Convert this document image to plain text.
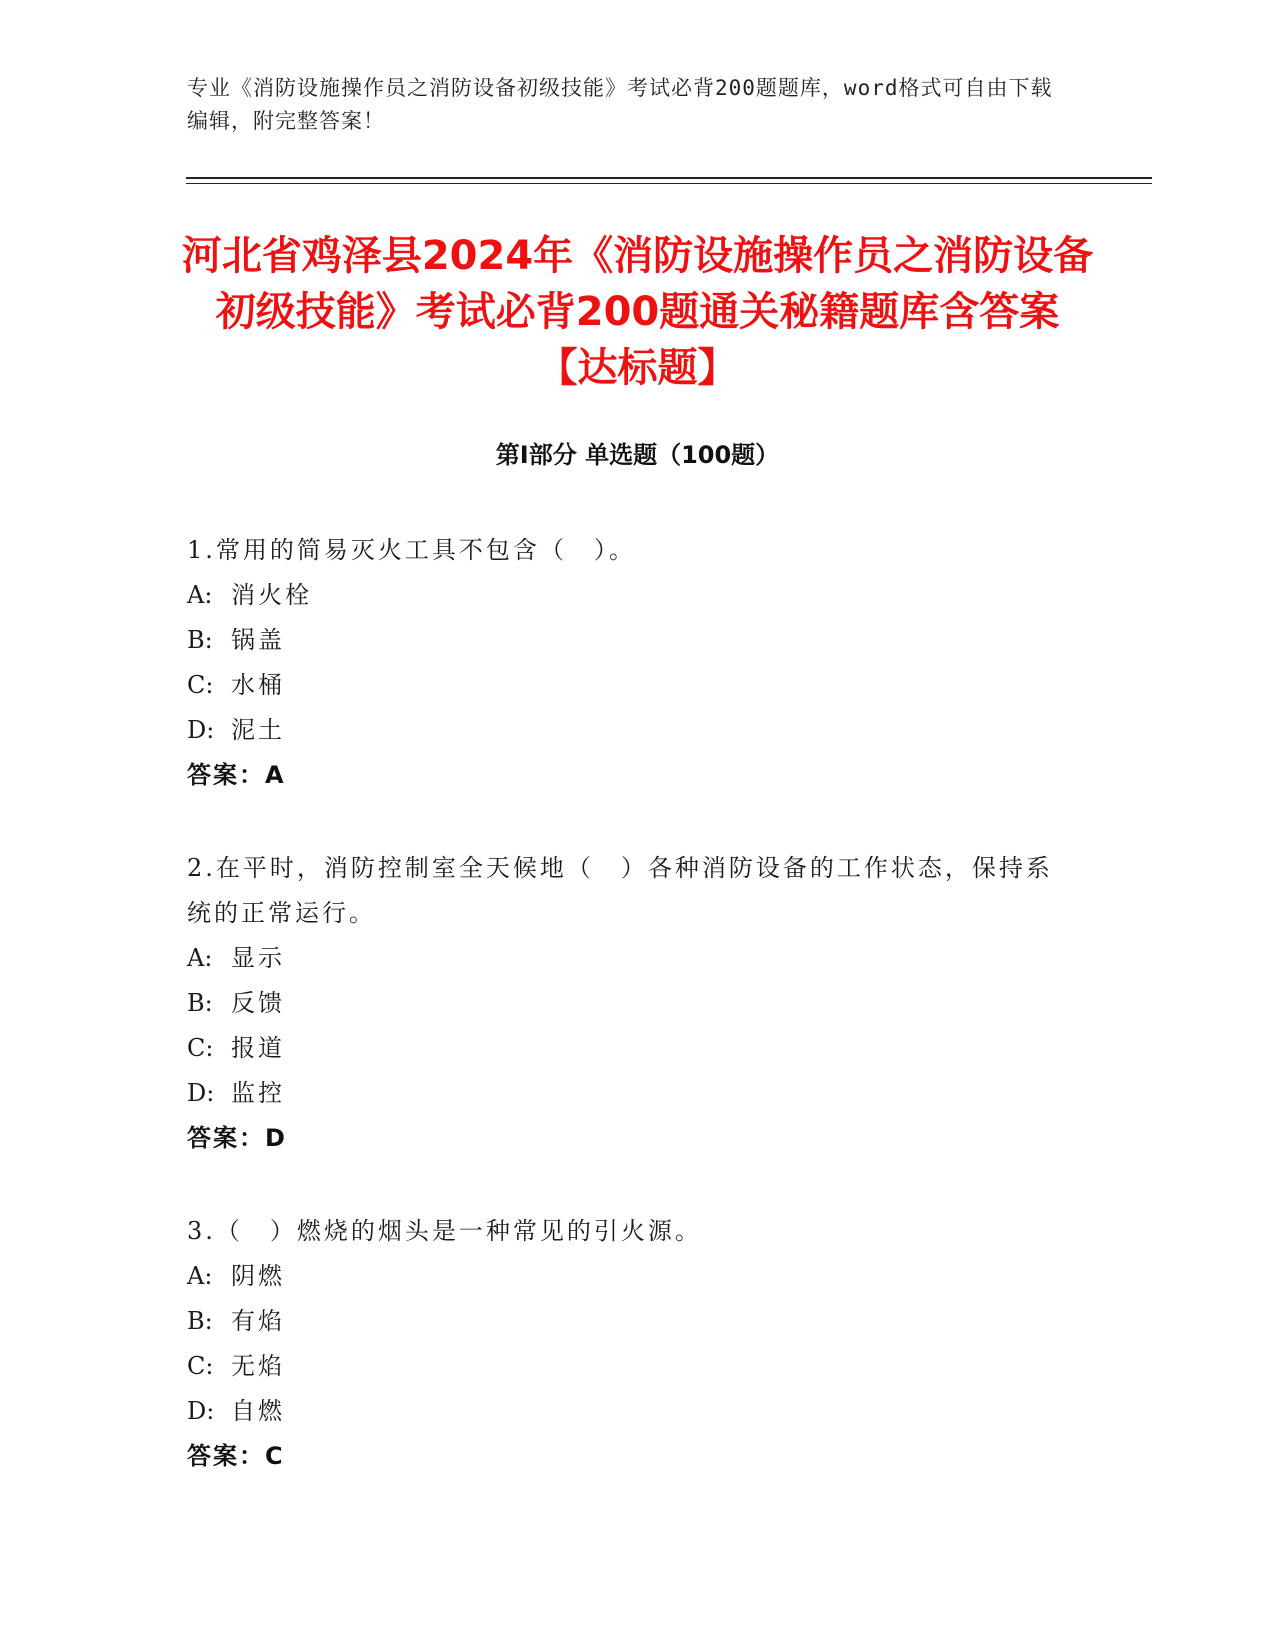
专业《消防设施操作员之消防设备初级技能》考试必背200题题库，word格式可自由下载编辑，附完整答案！
河北省鸡泽县2024年《消防设施操作员之消防设备初级技能》考试必背200题通关秘籍题库含答案【达标题】
第I部分 单选题（100题）
1.常用的简易灭火工具不包含（　）。
A: 消火栓
B: 锅盖
C: 水桶
D: 泥土
答案：A
2.在平时，消防控制室全天候地（　）各种消防设备的工作状态，保持系统的正常运行。
A: 显示
B: 反馈
C: 报道
D: 监控
答案：D
3.（　）燃烧的烟头是一种常见的引火源。
A: 阴燃
B: 有焰
C: 无焰
D: 自燃
答案：C
